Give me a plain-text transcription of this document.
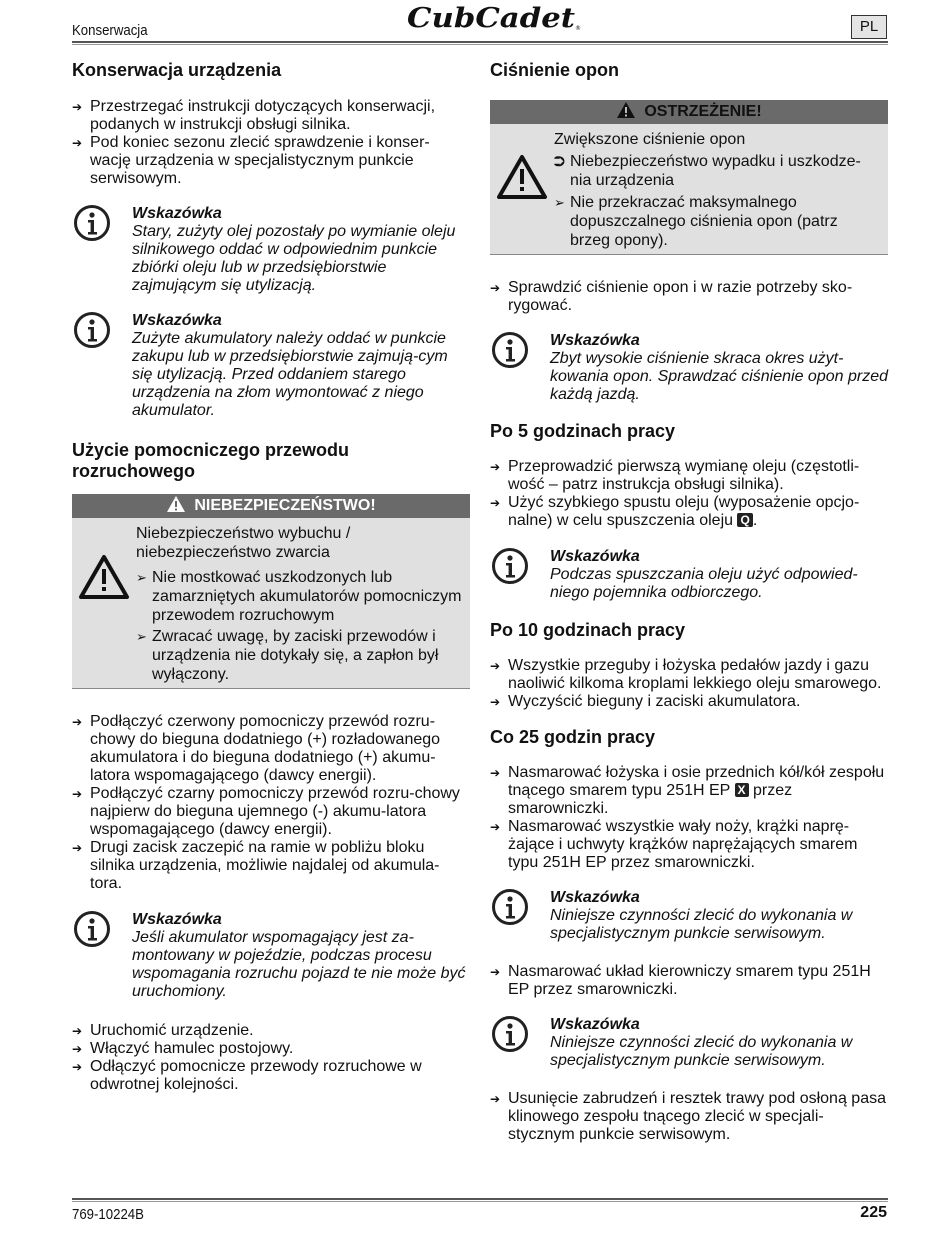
Konserwacja	CubCadet ®	PL
Konserwacja urządzenia
➔ Przestrzegać instrukcji dotyczących konserwacji, podanych w instrukcji obsługi silnika.
➔ Pod koniec sezonu zlecić sprawdzenie i konser-wację urządzenia w specjalistycznym punkcie serwisowym.
Wskazówka
Stary, zużyty olej pozostały po wymianie oleju silnikowego oddać w odpowiednim punkcie zbiórki oleju lub w przedsiębiorstwie zajmującym się utylizacją.
Wskazówka
Zużyte akumulatory należy oddać w punkcie zakupu lub w przedsiębiorstwie zajmują-cym się utylizacją. Przed oddaniem starego urządzenia na złom wymontować z niego akumulator.
Użycie pomocniczego przewodu rozruchowego
NIEBEZPIECZEŃSTWO!
Niebezpieczeństwo wybuchu / niebezpieczeństwo zwarcia
➢ Nie mostkować uszkodzonych lub zamarzniętych akumulatorów pomocniczym przewodem rozruchowym
➢ Zwracać uwagę, by zaciski przewodów i urządzenia nie dotykały się, a zapłon był wyłączony.
➔ Podłączyć czerwony pomocniczy przewód rozru-chowy do bieguna dodatniego (+) rozładowanego akumulatora i do bieguna dodatniego (+) akumu-latora wspomagającego (dawcy energii).
➔ Podłączyć czarny pomocniczy przewód rozru-chowy najpierw do bieguna ujemnego (-) akumu-latora wspomagającego (dawcy energii).
➔ Drugi zacisk zaczepić na ramie w pobliżu bloku silnika urządzenia, możliwie najdalej od akumula-tora.
Wskazówka
Jeśli akumulator wspomagający jest za-montowany w pojeździe, podczas procesu wspomagania rozruchu pojazd te nie może być uruchomiony.
➔ Uruchomić urządzenie.
➔ Włączyć hamulec postojowy.
➔ Odłączyć pomocnicze przewody rozruchowe w odwrotnej kolejności.
Ciśnienie opon
OSTRZEŻENIE!
Zwiększone ciśnienie opon
⮊ Niebezpieczeństwo wypadku i uszkodze-nia urządzenia
➢ Nie przekraczać maksymalnego dopuszczalnego ciśnienia opon (patrz brzeg opony).
➔ Sprawdzić ciśnienie opon i w razie potrzeby sko-rygować.
Wskazówka
Zbyt wysokie ciśnienie skraca okres użyt-kowania opon. Sprawdzać ciśnienie opon przed każdą jazdą.
Po 5 godzinach pracy
➔ Przeprowadzić pierwszą wymianę oleju (częstotli-wość – patrz instrukcja obsługi silnika).
➔ Użyć szybkiego spustu oleju (wyposażenie opcjo-nalne) w celu spuszczenia oleju Q .
Wskazówka
Podczas spuszczania oleju użyć odpowied-niego pojemnika odbiorczego.
Po 10 godzinach pracy
➔ Wszystkie przeguby i łożyska pedałów jazdy i gazu naoliwić kilkoma kroplami lekkiego oleju smarowego.
➔ Wyczyścić bieguny i zaciski akumulatora.
Co 25 godzin pracy
➔ Nasmarować łożyska i osie przednich kół/kół zespołu tnącego smarem typu 251H EP X przez smarowniczki.
➔ Nasmarować wszystkie wały noży, krążki naprę-żające i uchwyty krążków naprężających smarem typu 251H EP przez smarowniczki.
Wskazówka
Niniejsze czynności zlecić do wykonania w specjalistycznym punkcie serwisowym.
➔ Nasmarować układ kierowniczy smarem typu 251H EP przez smarowniczki.
Wskazówka
Niniejsze czynności zlecić do wykonania w specjalistycznym punkcie serwisowym.
➔ Usunięcie zabrudzeń i resztek trawy pod osłoną pasa klinowego zespołu tnącego zlecić w specjali-stycznym punkcie serwisowym.
769-10224B	225
